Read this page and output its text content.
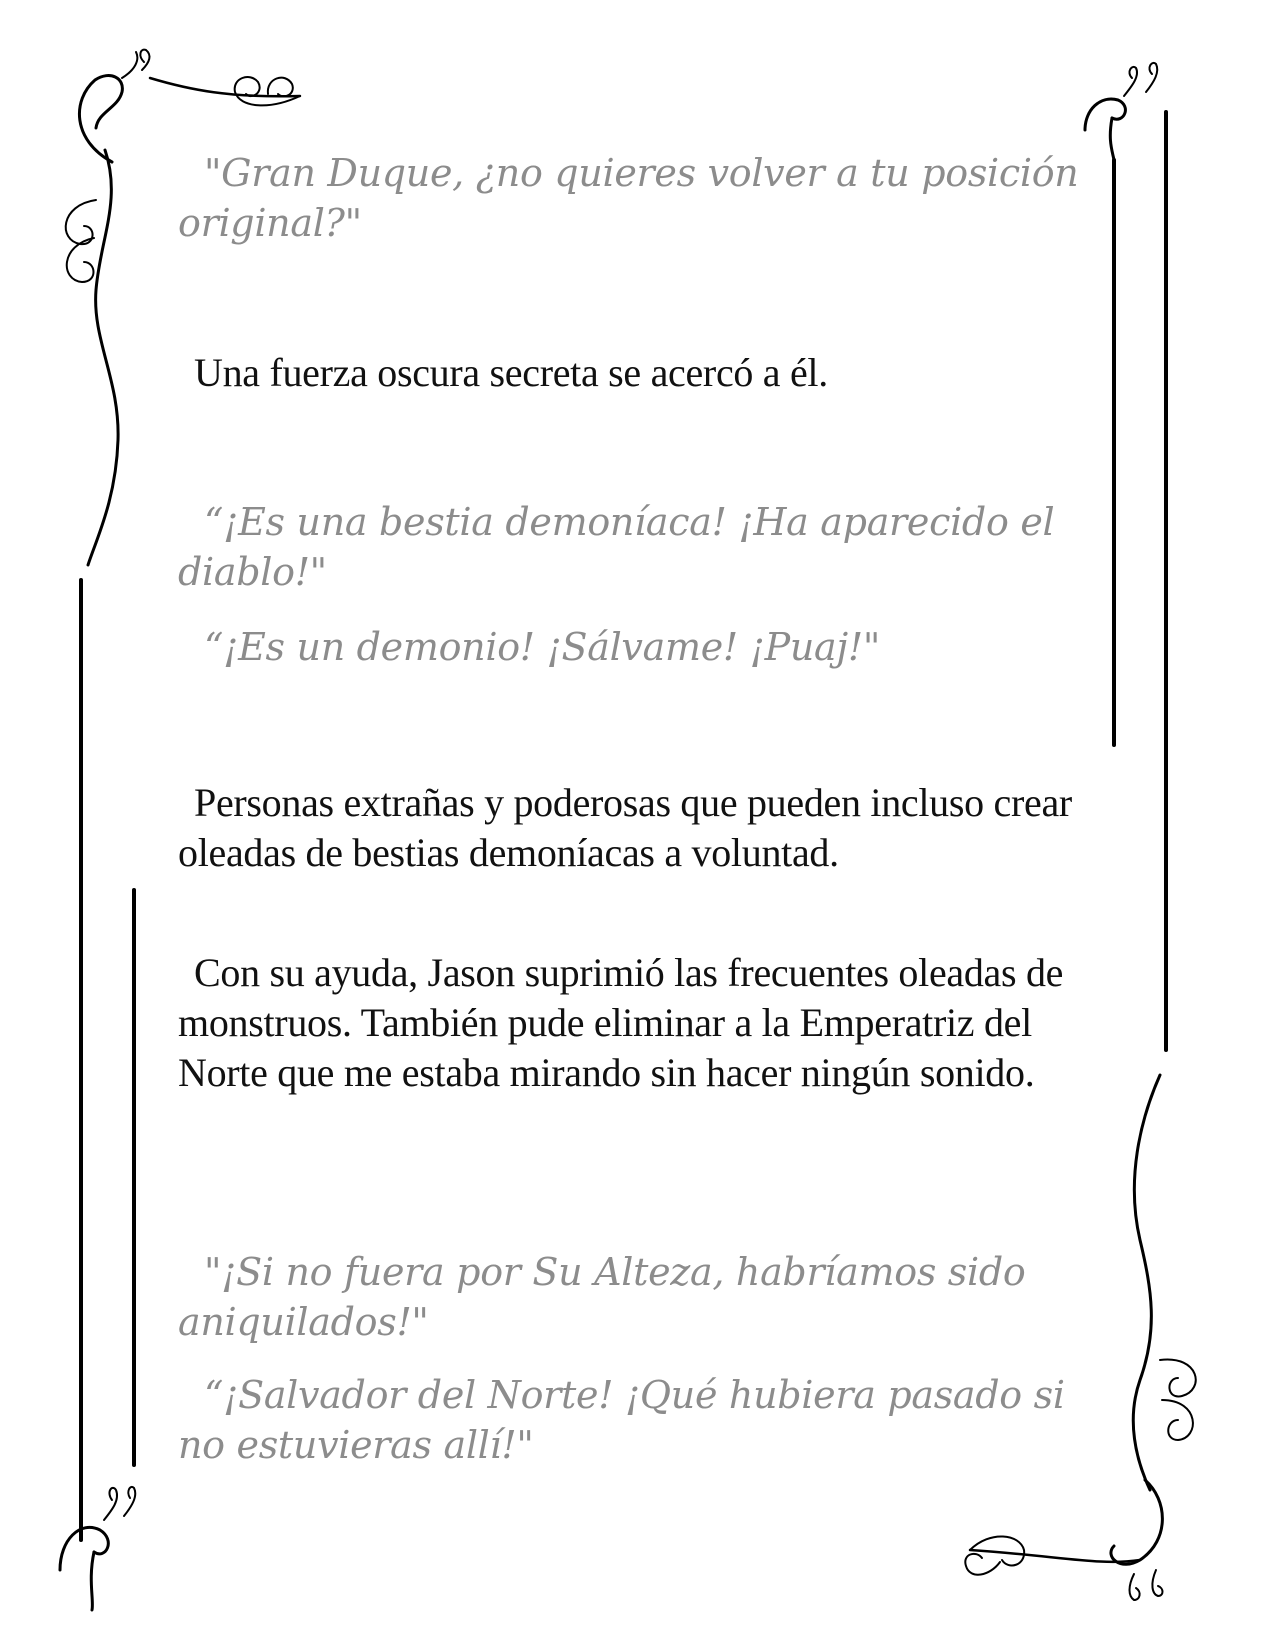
"Gran Duque, ¿no quieres volver a tu posición original?"

Una fuerza oscura secreta se acercó a él.

“¡Es una bestia demoníaca! ¡Ha aparecido el diablo!"

“¡Es un demonio! ¡Sálvame! ¡Puaj!"

Personas extrañas y poderosas que pueden incluso crear oleadas de bestias demoníacas a voluntad.

Con su ayuda, Jason suprimió las frecuentes oleadas de monstruos. También pude eliminar a la Emperatriz del Norte que me estaba mirando sin hacer ningún sonido.

"¡Si no fuera por Su Alteza, habríamos sido aniquilados!"

“¡Salvador del Norte! ¡Qué hubiera pasado si no estuvieras allí!"
